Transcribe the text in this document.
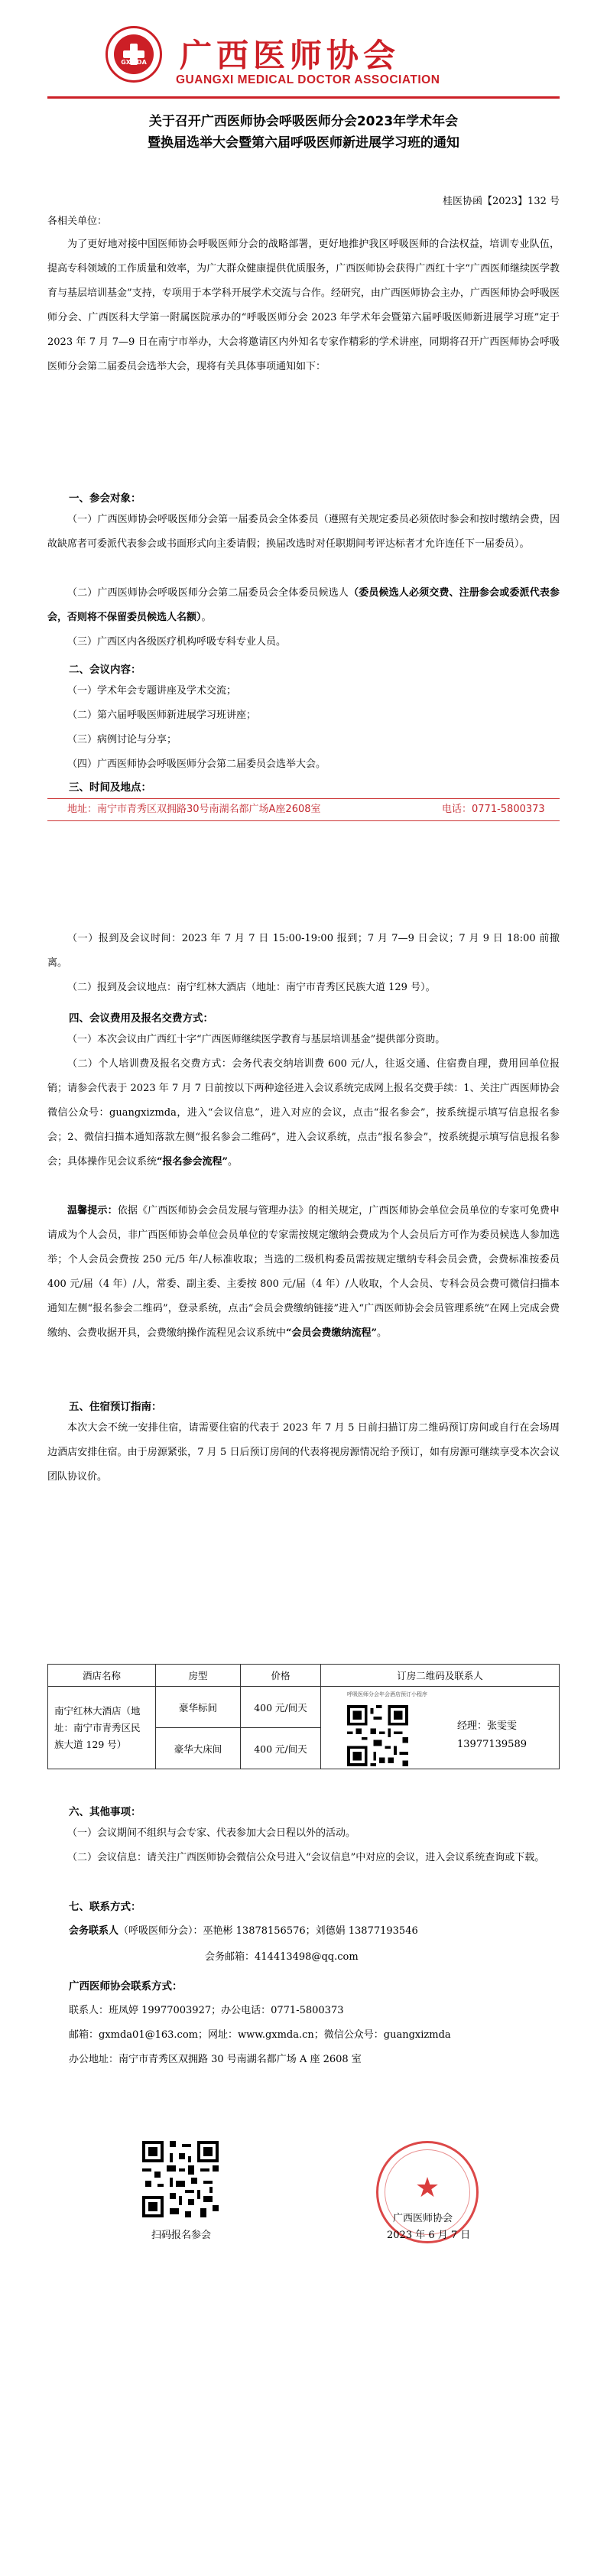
GXMDA	广西医师协会
GUANGXI MEDICAL DOCTOR ASSOCIATION
关于召开广西医师协会呼吸医师分会2023年学术年会
暨换届选举大会暨第六届呼吸医师新进展学习班的通知
桂医协函【2023】132 号

各相关单位：

为了更好地对接中国医师协会呼吸医师分会的战略部署，更好地推护我区呼吸医师的合法权益，培训专业队伍，提高专科领域的工作质量和效率，为广大群众健康提供优质服务，广西医师协会获得广西红十字“广西医师继续医学教育与基层培训基金”支持，专项用于本学科开展学术交流与合作。经研究，由广西医师协会主办，广西医师协会呼吸医师分会、广西医科大学第一附属医院承办的“呼吸医师分会 2023 年学术年会暨第六届呼吸医师新进展学习班”定于 2023 年 7 月 7—9 日在南宁市举办，大会将邀请区内外知名专家作精彩的学术讲座，同期将召开广西医师协会呼吸医师分会第二届委员会选举大会，现将有关具体事项通知如下：

一、参会对象：

（一）广西医师协会呼吸医师分会第一届委员会全体委员（遵照有关规定委员必须依时参会和按时缴纳会费，因故缺席者可委派代表参会或书面形式向主委请假；换届改选时对任职期间考评达标者才允许连任下一届委员）。

（二）广西医师协会呼吸医师分会第二届委员会全体委员候选人（委员候选人必须交费、注册参会或委派代表参会，否则将不保留委员候选人名额）。

（三）广西区内各级医疗机构呼吸专科专业人员。

二、会议内容：

（一）学术年会专题讲座及学术交流；

（二）第六届呼吸医师新进展学习班讲座；

（三）病例讨论与分享；

（四）广西医师协会呼吸医师分会第二届委员会选举大会。

三、时间及地点：
地址：南宁市青秀区双拥路30号南湖名都广场A座2608室	电话：0771-5800373

（一）报到及会议时间：2023 年 7 月 7 日 15:00-19:00 报到；7 月 7—9 日会议；7 月 9 日 18:00 前撤离。

（二）报到及会议地点：南宁红林大酒店（地址：南宁市青秀区民族大道 129 号）。

四、会议费用及报名交费方式：

（一）本次会议由广西红十字“广西医师继续医学教育与基层培训基金”提供部分资助。

（二）个人培训费及报名交费方式：会务代表交纳培训费 600 元/人，往返交通、住宿费自理，费用回单位报销；请参会代表于 2023 年 7 月 7 日前按以下两种途径进入会议系统完成网上报名交费手续：1、关注广西医师协会微信公众号：guangxizmda，进入“会议信息”，进入对应的会议，点击“报名参会”，按系统提示填写信息报名参会；2、微信扫描本通知落款左侧“报名参会二维码”，进入会议系统，点击“报名参会”，按系统提示填写信息报名参会；具体操作见会议系统“报名参会流程”。

温馨提示：依据《广西医师协会会员发展与管理办法》的相关规定，广西医师协会单位会员单位的专家可免费申请成为个人会员，非广西医师协会单位会员单位的专家需按规定缴纳会费成为个人会员后方可作为委员候选人参加选举；个人会员会费按 250 元/5 年/人标准收取；当选的二级机构委员需按规定缴纳专科会员会费，会费标准按委员 400 元/届（4 年）/人，常委、副主委、主委按 800 元/届（4 年）/人收取，个人会员、专科会员会费可微信扫描本通知左侧“报名参会二维码”，登录系统，点击“会员会费缴纳链接”进入“广西医师协会会员管理系统”在网上完成会费缴纳、会费收据开具，会费缴纳操作流程见会议系统中“会员会费缴纳流程”。

五、住宿预订指南：

本次大会不统一安排住宿，请需要住宿的代表于 2023 年 7 月 5 日前扫描订房二维码预订房间或自行在会场周边酒店安排住宿。由于房源紧张，7 月 5 日后预订房间的代表将视房源情况给予预订，如有房源可继续享受本次会议团队协议价。

酒店名称	房型	价格	订房二维码及联系人
南宁红林大酒店（地址：南宁市青秀区民族大道 129 号）	豪华标间	400 元/间天	呼吸医师分会年会酒店预订小程序
经理：张雯雯
13977139589

	豪华大床间	400 元/间天	
六、其他事项：

（一）会议期间不组织与会专家、代表参加大会日程以外的活动。

（二）会议信息：请关注广西医师协会微信公众号进入“会议信息”中对应的会议，进入会议系统查询或下载。

七、联系方式：

会务联系人（呼吸医师分会）：巫艳彬 13878156576；刘德娟 13877193546

会务邮箱：414413498@qq.com

广西医师协会联系方式：

联系人：班凤婷 19977003927；办公电话：0771-5800373

邮箱：gxmda01@163.com；网址：www.gxmda.cn；微信公众号：guangxizmda

办公地址：南宁市青秀区双拥路 30 号南湖名都广场 A 座 2608 室

扫码报名参会
★
广西医师协会
2023 年 6 月 7 日
